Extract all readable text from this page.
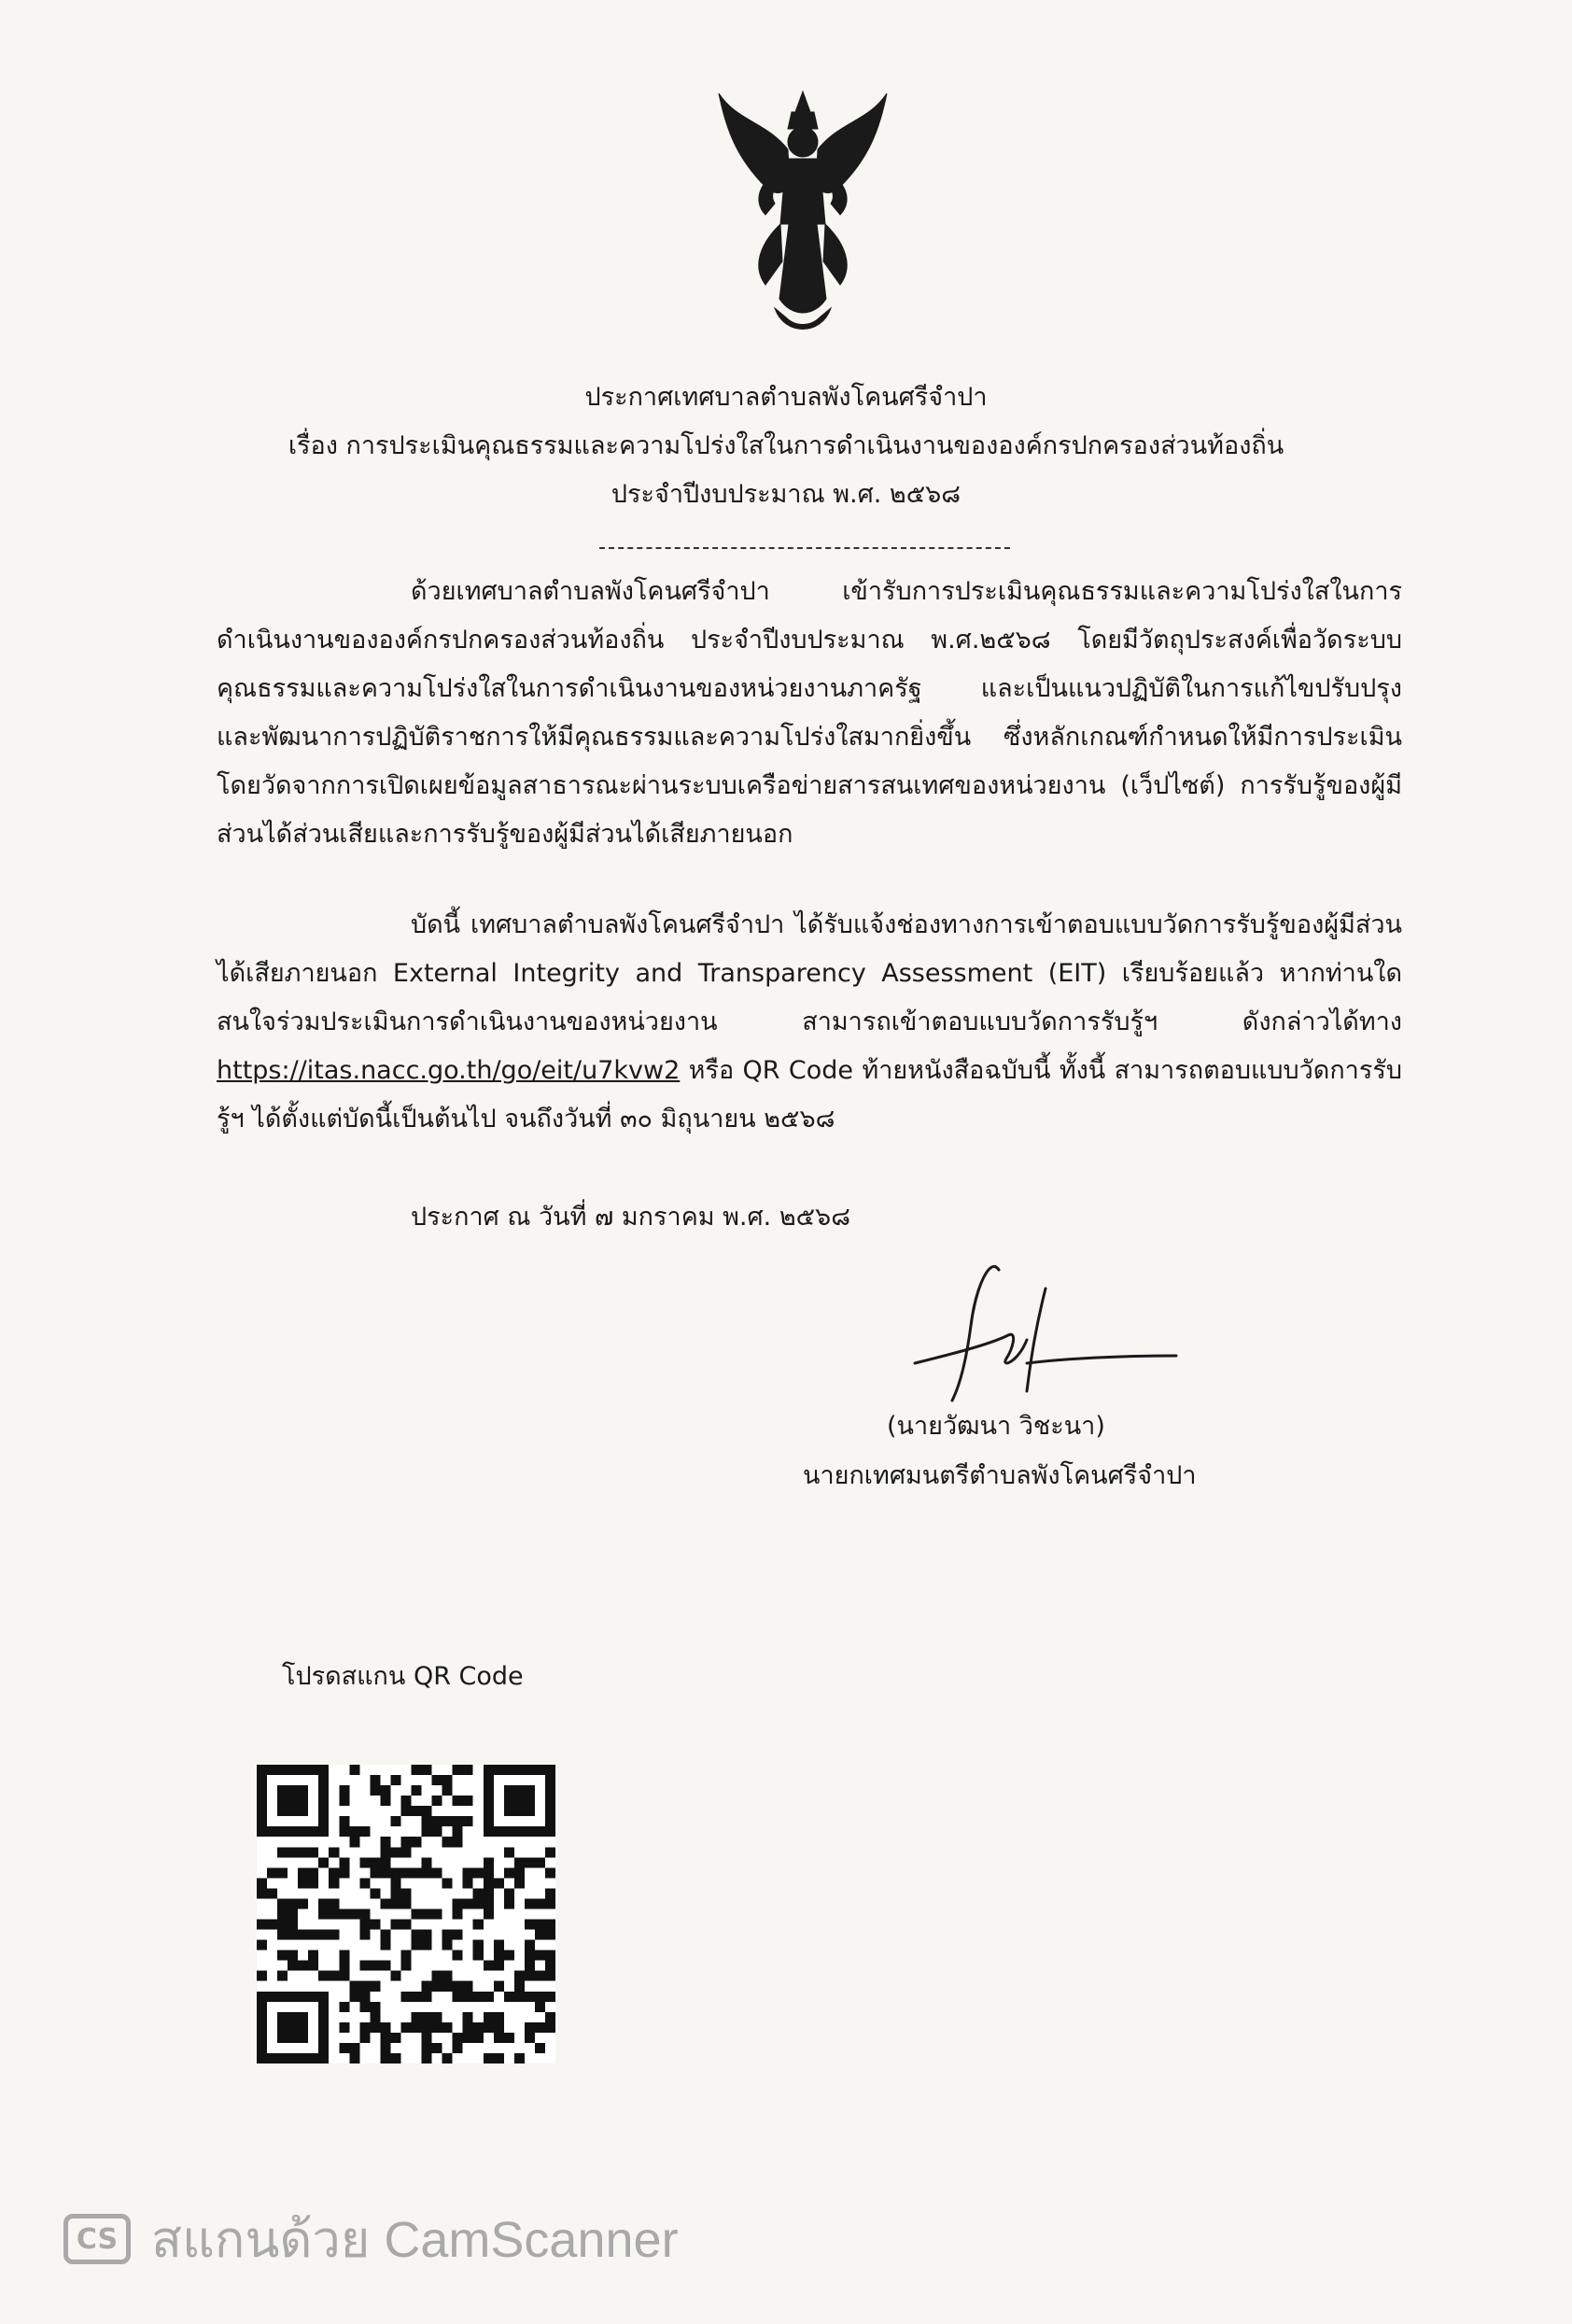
ประกาศเทศบาลตำบลพังโคนศรีจำปา
เรื่อง การประเมินคุณธรรมและความโปร่งใสในการดำเนินงานขององค์กรปกครองส่วนท้องถิ่น
ประจำปีงบประมาณ พ.ศ. ๒๕๖๘
ด้วยเทศบาลตำบลพังโคนศรีจำปา เข้ารับการประเมินคุณธรรมและความโปร่งใสในการดำเนินงานขององค์กรปกครองส่วนท้องถิ่น ประจำปีงบประมาณ พ.ศ.๒๕๖๘ โดยมีวัตถุประสงค์เพื่อวัดระบบคุณธรรมและความโปร่งใสในการดำเนินงานของหน่วยงานภาครัฐ และเป็นแนวปฏิบัติในการแก้ไขปรับปรุง และพัฒนาการปฏิบัติราชการให้มีคุณธรรมและความโปร่งใสมากยิ่งขึ้น ซึ่งหลักเกณฑ์กำหนดให้มีการประเมิน โดยวัดจากการเปิดเผยข้อมูลสาธารณะผ่านระบบเครือข่ายสารสนเทศของหน่วยงาน (เว็ปไซต์) การรับรู้ของผู้มีส่วนได้ส่วนเสียและการรับรู้ของผู้มีส่วนได้เสียภายนอก
บัดนี้ เทศบาลตำบลพังโคนศรีจำปา ได้รับแจ้งช่องทางการเข้าตอบแบบวัดการรับรู้ของผู้มีส่วนได้เสียภายนอก External Integrity and Transparency Assessment (EIT) เรียบร้อยแล้ว หากท่านใดสนใจร่วมประเมินการดำเนินงานของหน่วยงาน สามารถเข้าตอบแบบวัดการรับรู้ฯ ดังกล่าวได้ทาง https://itas.nacc.go.th/go/eit/u7kvw2 หรือ QR Code ท้ายหนังสือฉบับนี้ ทั้งนี้ สามารถตอบแบบวัดการรับรู้ฯ ได้ตั้งแต่บัดนี้เป็นต้นไป จนถึงวันที่ ๓๐ มิถุนายน ๒๕๖๘
ประกาศ ณ วันที่ ๗ มกราคม พ.ศ. ๒๕๖๘
(นายวัฒนา วิชะนา)
นายกเทศมนตรีตำบลพังโคนศรีจำปา
โปรดสแกน QR Code
CS สแกนด้วย CamScanner
